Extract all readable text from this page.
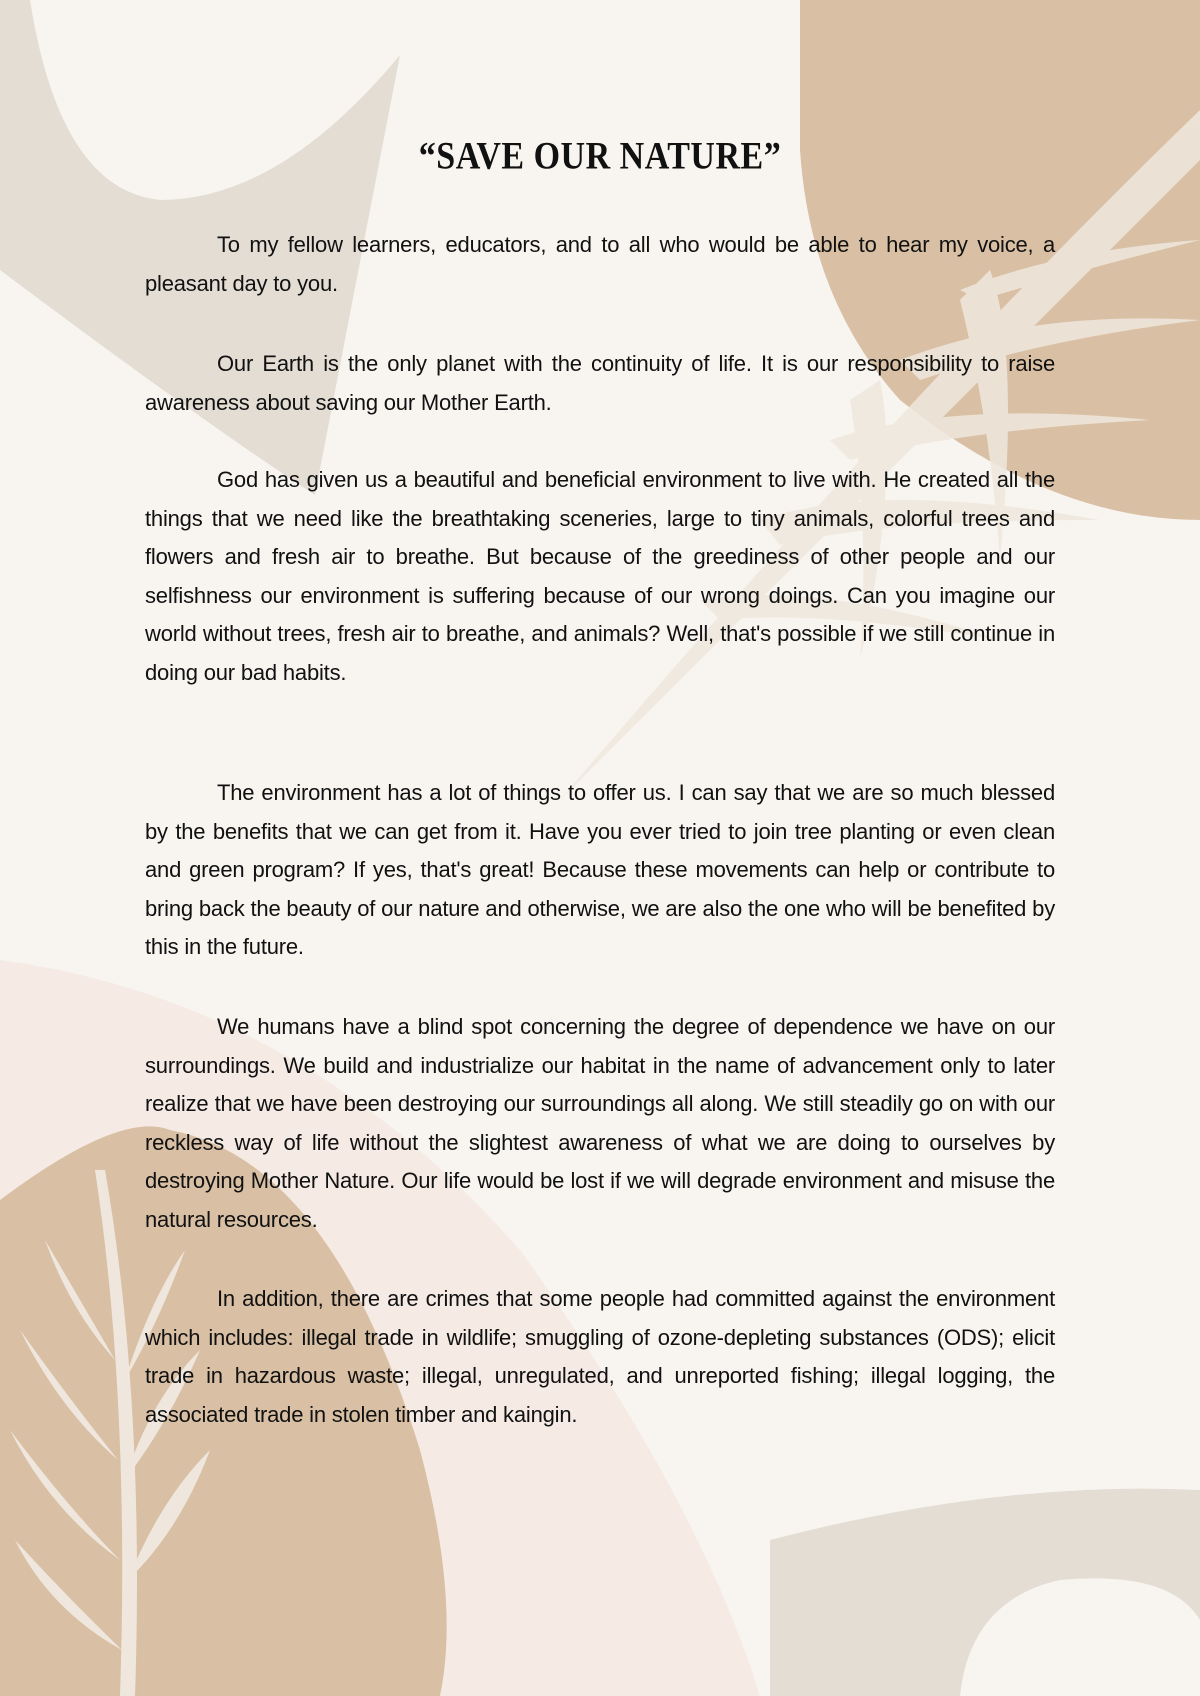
“SAVE OUR NATURE”

To my fellow learners, educators, and to all who would be able to hear my voice, a pleasant day to you.

Our Earth is the only planet with the continuity of life. It is our responsibility to raise awareness about saving our Mother Earth.

God has given us a beautiful and beneficial environment to live with. He created all the things that we need like the breathtaking sceneries, large to tiny animals, colorful trees and flowers and fresh air to breathe. But because of the greediness of other people and our selfishness our environment is suffering because of our wrong doings. Can you imagine our world without trees, fresh air to breathe, and animals? Well, that's possible if we still continue in doing our bad habits.

The environment has a lot of things to offer us. I can say that we are so much blessed by the benefits that we can get from it. Have you ever tried to join tree planting or even clean and green program? If yes, that's great! Because these movements can help or contribute to bring back the beauty of our nature and otherwise, we are also the one who will be benefited by this in the future.

We humans have a blind spot concerning the degree of dependence we have on our surroundings. We build and industrialize our habitat in the name of advancement only to later realize that we have been destroying our surroundings all along. We still steadily go on with our reckless way of life without the slightest awareness of what we are doing to ourselves by destroying Mother Nature. Our life would be lost if we will degrade environment and misuse the natural resources.

In addition, there are crimes that some people had committed against the environment which includes: illegal trade in wildlife; smuggling of ozone-depleting substances (ODS); elicit trade in hazardous waste; illegal, unregulated, and unreported fishing; illegal logging, the associated trade in stolen timber and kaingin.
